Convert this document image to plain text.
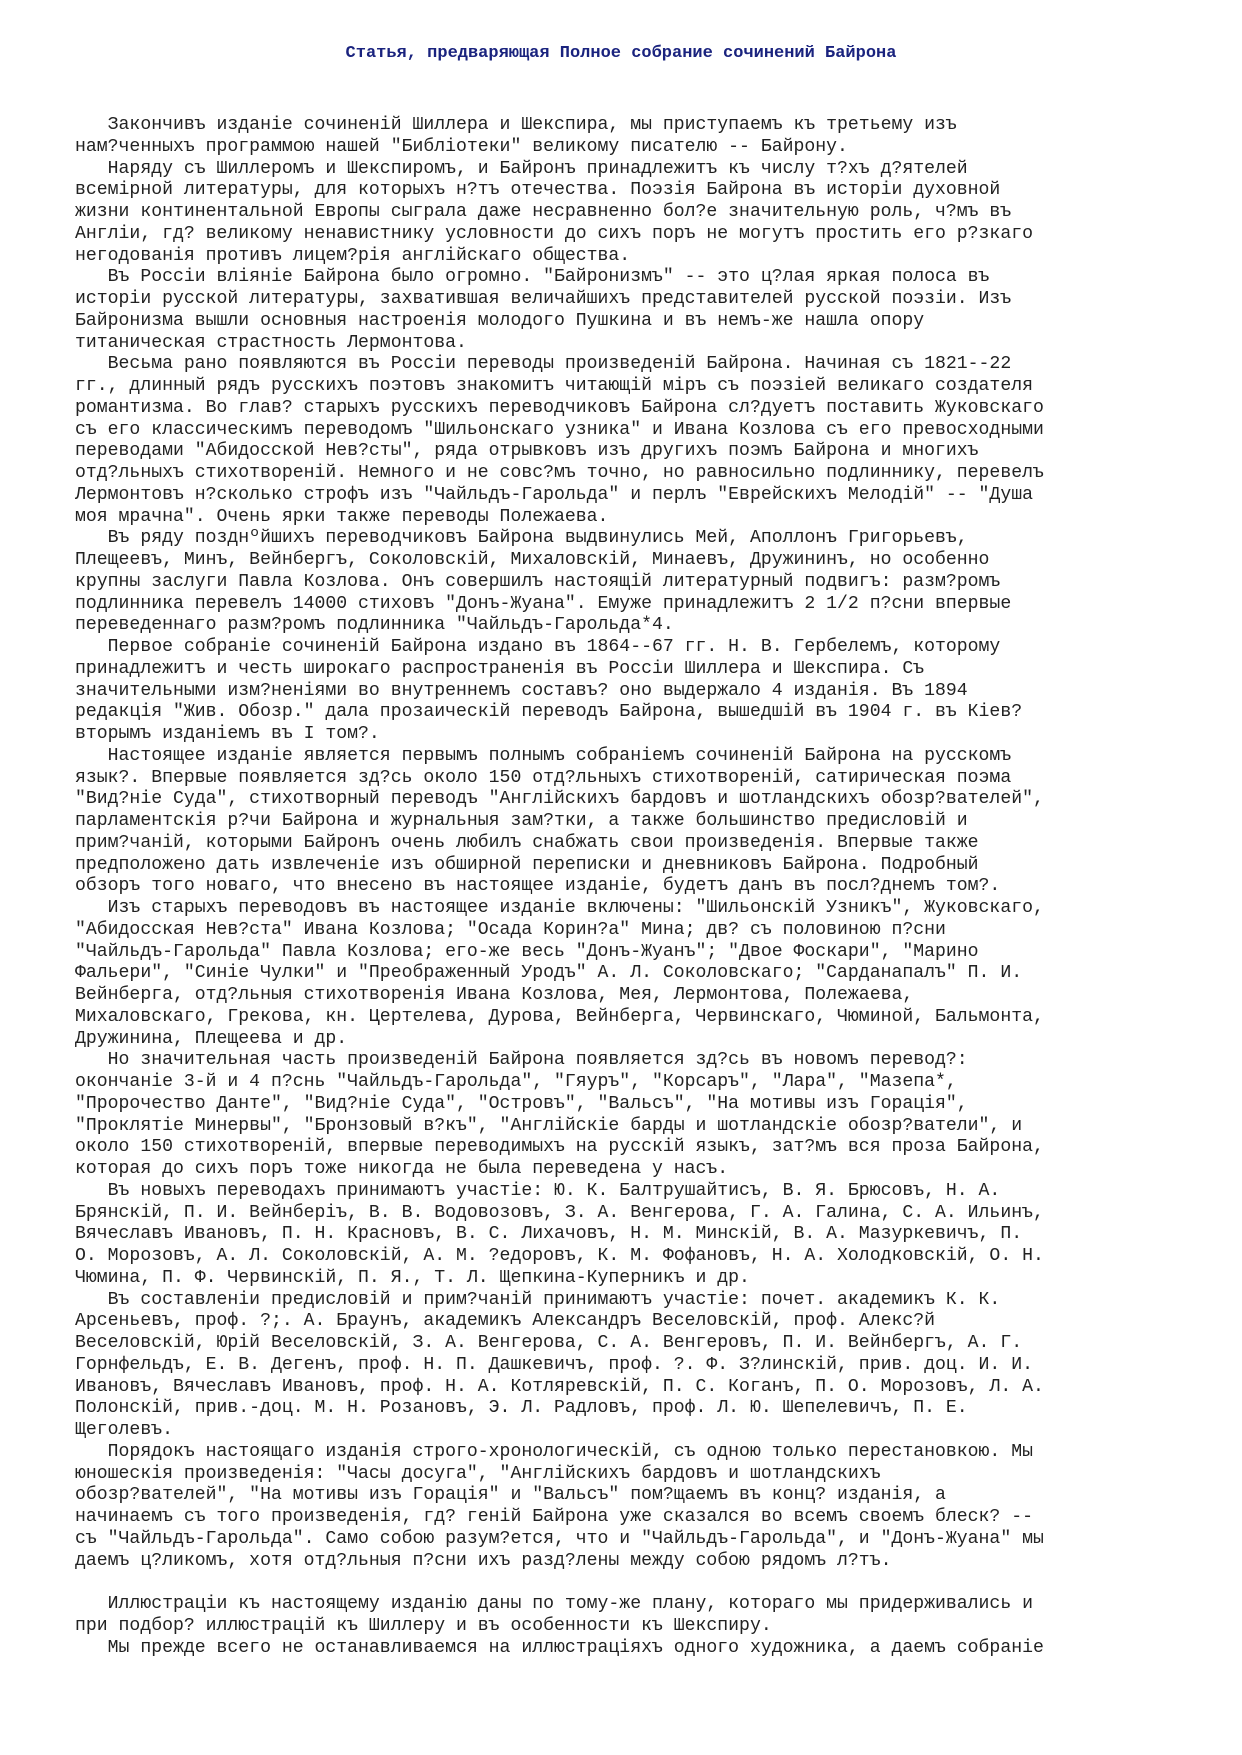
Статья, предваряющая Полное собрание сочинений Байрона
Закончивъ изданіе сочиненій Шиллера и Шекспира, мы приступаемъ къ третьему изъ
нам?ченныхъ программою нашей "Библіотеки" великому писателю -- Байрону.
Наряду съ Шиллеромъ и Шекспиромъ, и Байронъ принадлежитъ къ числу т?хъ д?ятелей
всемірной литературы, для которыхъ н?тъ отечества. Поэзія Байрона въ исторіи духовной
жизни континентальной Европы сыграла даже несравненно бол?е значительную роль, ч?мъ въ
Англіи, гд? великому ненавистнику условности до сихъ поръ не могутъ простить его р?зкаго
негодованія противъ лицем?рія англійскаго общества.
Въ Россіи вліяніе Байрона было огромно. "Байронизмъ" -- это ц?лая яркая полоса въ
исторіи русской литературы, захватившая величайшихъ представителей русской поэзіи. Изъ
Байронизма вышли основныя настроенія молодого Пушкина и въ немъ-же нашла опору
титаническая страстность Лермонтова.
Весьма рано появляются въ Россіи переводы произведеній Байрона. Начиная съ 1821--22
гг., длинный рядъ русскихъ поэтовъ знакомитъ читающій міръ съ поэзіей великаго создателя
романтизма. Во глав? старыхъ русскихъ переводчиковъ Байрона сл?дуетъ поставить Жуковскаго
съ его классическимъ переводомъ "Шильонскаго узника" и Ивана Козлова съ его превосходными
переводами "Абидосской Нев?сты", ряда отрывковъ изъ другихъ поэмъ Байрона и многихъ
отд?льныхъ стихотвореній. Немного и не совс?мъ точно, но равносильно подлиннику, перевелъ
Лермонтовъ н?сколько строфъ изъ "Чайльдъ-Гарольда" и перлъ "Еврейскихъ Мелодій" -- "Душа
моя мрачна". Очень ярки также переводы Полежаева.
Въ ряду позднºйшихъ переводчиковъ Байрона выдвинулись Мей, Аполлонъ Григорьевъ,
Плещеевъ, Минъ, Вейнбергъ, Соколовскій, Михаловскій, Минаевъ, Дружининъ, но особенно
крупны заслуги Павла Козлова. Онъ совершилъ настоящій литературный подвигъ: разм?ромъ
подлинника перевелъ 14000 стиховъ "Донъ-Жуана". Емуже принадлежитъ 2 1/2 п?сни впервые
переведеннаго разм?ромъ подлинника "Чайльдъ-Гарольда*4.
Первое собраніе сочиненій Байрона издано въ 1864--67 гг. Н. В. Гербелемъ, которому
принадлежитъ и честь широкаго распространенія въ Россіи Шиллера и Шекспира. Съ
значительными изм?неніями во внутреннемъ составъ? оно выдержало 4 изданія. Въ 1894
редакція "Жив. Обозр." дала прозаическій переводъ Байрона, вышедшій въ 1904 г. въ Кіев?
вторымъ изданіемъ въ I том?.
Настоящее изданіе является первымъ полнымъ собраніемъ сочиненій Байрона на русскомъ
язык?. Впервые появляется зд?сь около 150 отд?льныхъ стихотвореній, сатирическая поэма
"Вид?ніе Суда", стихотворный переводъ "Англійскихъ бардовъ и шотландскихъ обозр?вателей",
парламентскія р?чи Байрона и журнальныя зам?тки, а также большинство предисловій и
прим?чаній, которыми Байронъ очень любилъ снабжать свои произведенія. Впервые также
предположено дать извлеченіе изъ обширной переписки и дневниковъ Байрона. Подробный
обзоръ того новаго, что внесено въ настоящее изданіе, будетъ данъ въ посл?днемъ том?.
Изъ старыхъ переводовъ въ настоящее изданіе включены: "Шильонскій Узникъ", Жуковскаго,
"Абидосская Нев?ста" Ивана Козлова; "Осада Корин?а" Мина; дв? съ половиною п?сни
"Чайльдъ-Гарольда" Павла Козлова; его-же весь "Донъ-Жуанъ"; "Двое Фоскари", "Марино
Фальери", "Синіе Чулки" и "Преображенный Уродъ" А. Л. Соколовскаго; "Сарданапалъ" П. И.
Вейнберга, отд?льныя стихотворенія Ивана Козлова, Мея, Лермонтова, Полежаева,
Михаловскаго, Грекова, кн. Цертелева, Дурова, Вейнберга, Червинскаго, Чюминой, Бальмонта,
Дружинина, Плещеева и др.
Но значительная часть произведеній Байрона появляется зд?сь въ новомъ перевод?:
окончаніе 3-й и 4 п?снь "Чайльдъ-Гарольда", "Гяуръ", "Корсаръ", "Лара", "Мазепа*,
"Пророчество Данте", "Вид?ніе Суда", "Островъ", "Вальсъ", "На мотивы изъ Горація",
"Проклятіе Минервы", "Бронзовый в?къ", "Англійскіе барды и шотландскіе обозр?ватели", и
около 150 стихотвореній, впервые переводимыхъ на русскій языкъ, зат?мъ вся проза Байрона,
которая до сихъ поръ тоже никогда не была переведена у насъ.
Въ новыхъ переводахъ принимаютъ участіе: Ю. К. Балтрушайтисъ, В. Я. Брюсовъ, Н. А.
Брянскій, П. И. Вейнберіъ, В. В. Водовозовъ, З. А. Венгерова, Г. А. Галина, С. А. Ильинъ,
Вячеславъ Ивановъ, П. Н. Красновъ, В. С. Лихачовъ, Н. М. Минскій, В. А. Мазуркевичъ, П.
О. Морозовъ, А. Л. Соколовскій, А. М. ?едоровъ, К. М. Фофановъ, Н. А. Холодковскій, О. Н.
Чюмина, П. Ф. Червинскій, П. Я., Т. Л. Щепкина-Куперникъ и др.
Въ составленіи предисловій и прим?чаній принимаютъ участіе: почет. академикъ К. К.
Арсеньевъ, проф. ?;. А. Браунъ, академикъ Александръ Веселовскій, проф. Алекс?й
Веселовскій, Юрій Веселовскій, З. А. Венгерова, С. А. Венгеровъ, П. И. Вейнбергъ, А. Г.
Горнфельдъ, Е. В. Дегенъ, проф. Н. П. Дашкевичъ, проф. ?. Ф. З?линскій, прив. доц. И. И.
Ивановъ, Вячеславъ Ивановъ, проф. Н. А. Котляревскій, П. С. Коганъ, П. О. Морозовъ, Л. А.
Полонскій, прив.-доц. М. Н. Розановъ, Э. Л. Радловъ, проф. Л. Ю. Шепелевичъ, П. Е.
Щеголевъ.
Порядокъ настоящаго изданія строго-хронологическій, съ одною только перестановкою. Мы
юношескія произведенія: "Часы досуга", "Англійскихъ бардовъ и шотландскихъ
обозр?вателей", "На мотивы изъ Горація" и "Вальсъ" пом?щаемъ въ конц? изданія, а
начинаемъ съ того произведенія, гд? геній Байрона уже сказался во всемъ своемъ блеск? --
съ "Чайльдъ-Гарольда". Само собою разум?ется, что и "Чайльдъ-Гарольда", и "Донъ-Жуана" мы
даемъ ц?ликомъ, хотя отд?льныя п?сни ихъ разд?лены между собою рядомъ л?тъ.
Иллюстраціи къ настоящему изданію даны по тому-же плану, котораго мы придерживались и
при подбор? иллюстрацій къ Шиллеру и въ особенности къ Шекспиру.
Мы прежде всего не останавливаемся на иллюстраціяхъ одного художника, а даемъ собраніе
